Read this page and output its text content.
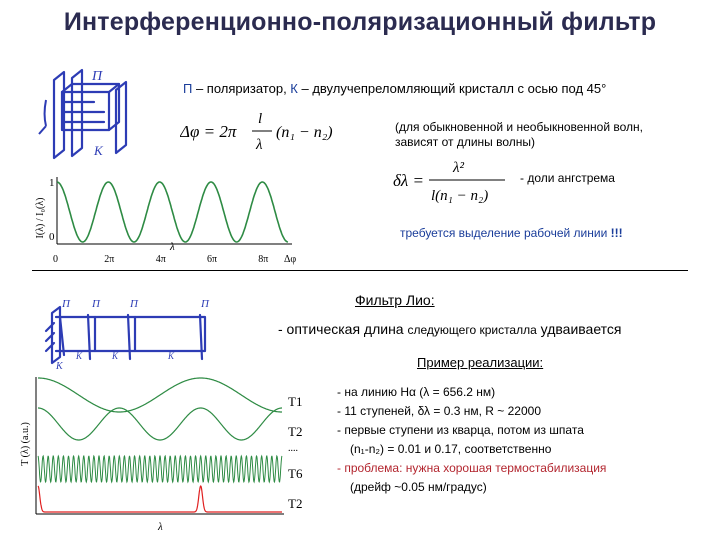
Интерференционно-поляризационный фильтр
П – поляризатор, К – двулучепреломляющий кристалл с осью под 45°
П
К
Δφ = 2π
l
λ
(n₁ − n₂)	(для обыкновенной и необыкновенной волн,
зависят от длины волны)
δλ =
λ²
l(n₁ − n₂)
- доли ангстрема
требуется выделение рабочей линии !!!
I(λ) / I₀(λ)
1
0
0	2π	4π	6π	8π Δφ
λ
П П	П	П
К
К	К	К
Фильтр Лио:
- оптическая длина следующего кристалла удваивается
Пример реализации:
- на линию Hα (λ = 656.2 нм)
- 11 ступеней, δλ = 0.3 нм, R ~ 22000
- первые ступени из кварца, потом из шпата
(n₁-n₂) = 0.01 и 0.17, соответственно
- проблема: нужна хорошая термостабилизация
(дрейф ~0.05 нм/градус)
T (λ) (a.u.)
T1
T2
....
T6
T2
λ
